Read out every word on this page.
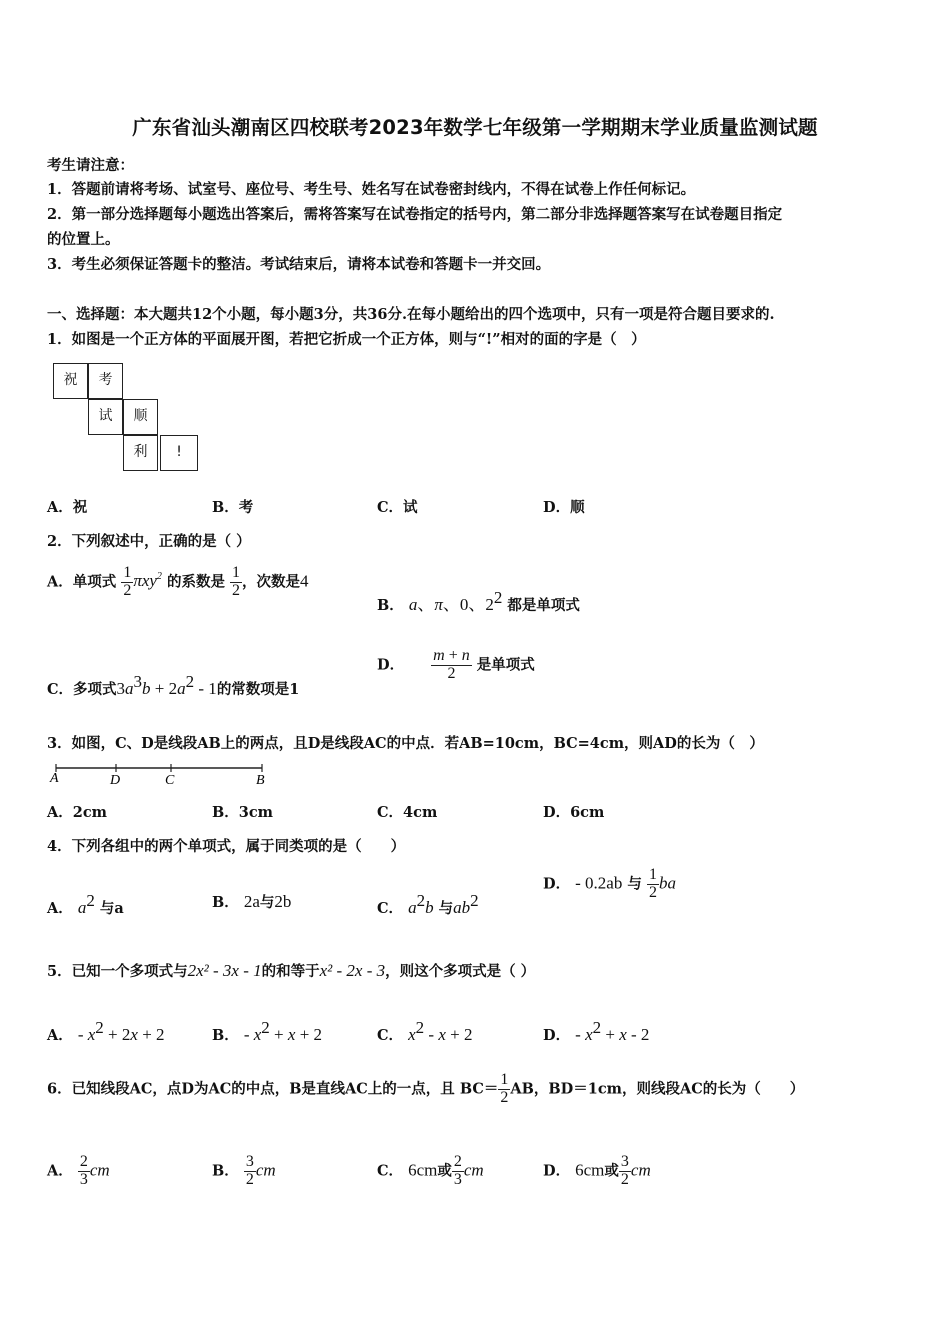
广东省汕头潮南区四校联考2023年数学七年级第一学期期末学业质量监测试题
考生请注意：
1．答题前请将考场、试室号、座位号、考生号、姓名写在试卷密封线内，不得在试卷上作任何标记。
2．第一部分选择题每小题选出答案后，需将答案写在试卷指定的括号内，第二部分非选择题答案写在试卷题目指定
的位置上。
3．考生必须保证答题卡的整洁。考试结束后，请将本试卷和答题卡一并交回。
一、选择题：本大题共12个小题，每小题3分，共36分.在每小题给出的四个选项中，只有一项是符合题目要求的.
1．如图是一个正方体的平面展开图，若把它折成一个正方体，则与“!”相对的面的字是（　）
祝	考
试	顺
利	!
A．祝	B．考	C．试	D．顺
2．下列叙述中，正确的是（ ）
A．单项式 $\frac{1}{2} \pi xy^2$ 的系数是 $\frac{1}{2}$ ，次数是4
B． a、π、0、$2^2$ 都是单项式
C．多项式$3a^3b + 2a^2 - 1$的常数项是1
D． $\frac{m + n}{2}$ 是单项式
3．如图，C、D是线段AB上的两点，且D是线段AC的中点．若AB=10cm，BC=4cm，则AD的长为（　）
A	D	C	B
A．2cm	B．3cm	C．4cm	D．6cm
4．下列各组中的两个单项式，属于同类项的是（　　）
A． $a^2$ 与a	B． 2a与2b	C． $a^2b$ 与$ab^2$
D． - 0.2ab 与 $\frac{1}{2}$ ba
5．已知一个多项式与2x² - 3x - 1的和等于x² - 2x - 3，则这个多项式是（ ）
A． - $x^2 + 2x + 2$	B． - $x^2 + x + 2$	C． $x^2 - x + 2$	D． - $x^2 + x - 2$
6．已知线段AC，点D为AC的中点，B是直线AC上的一点，且 $BC= \frac{1}{2}$ AB，BD＝1cm，则线段AC的长为（　　）
A． $\frac{2}{3}$ cm	B． $\frac{3}{2}$ cm	C． 6cm或 $\frac{2}{3}$ cm	D． 6cm或 $\frac{3}{2}$ cm
